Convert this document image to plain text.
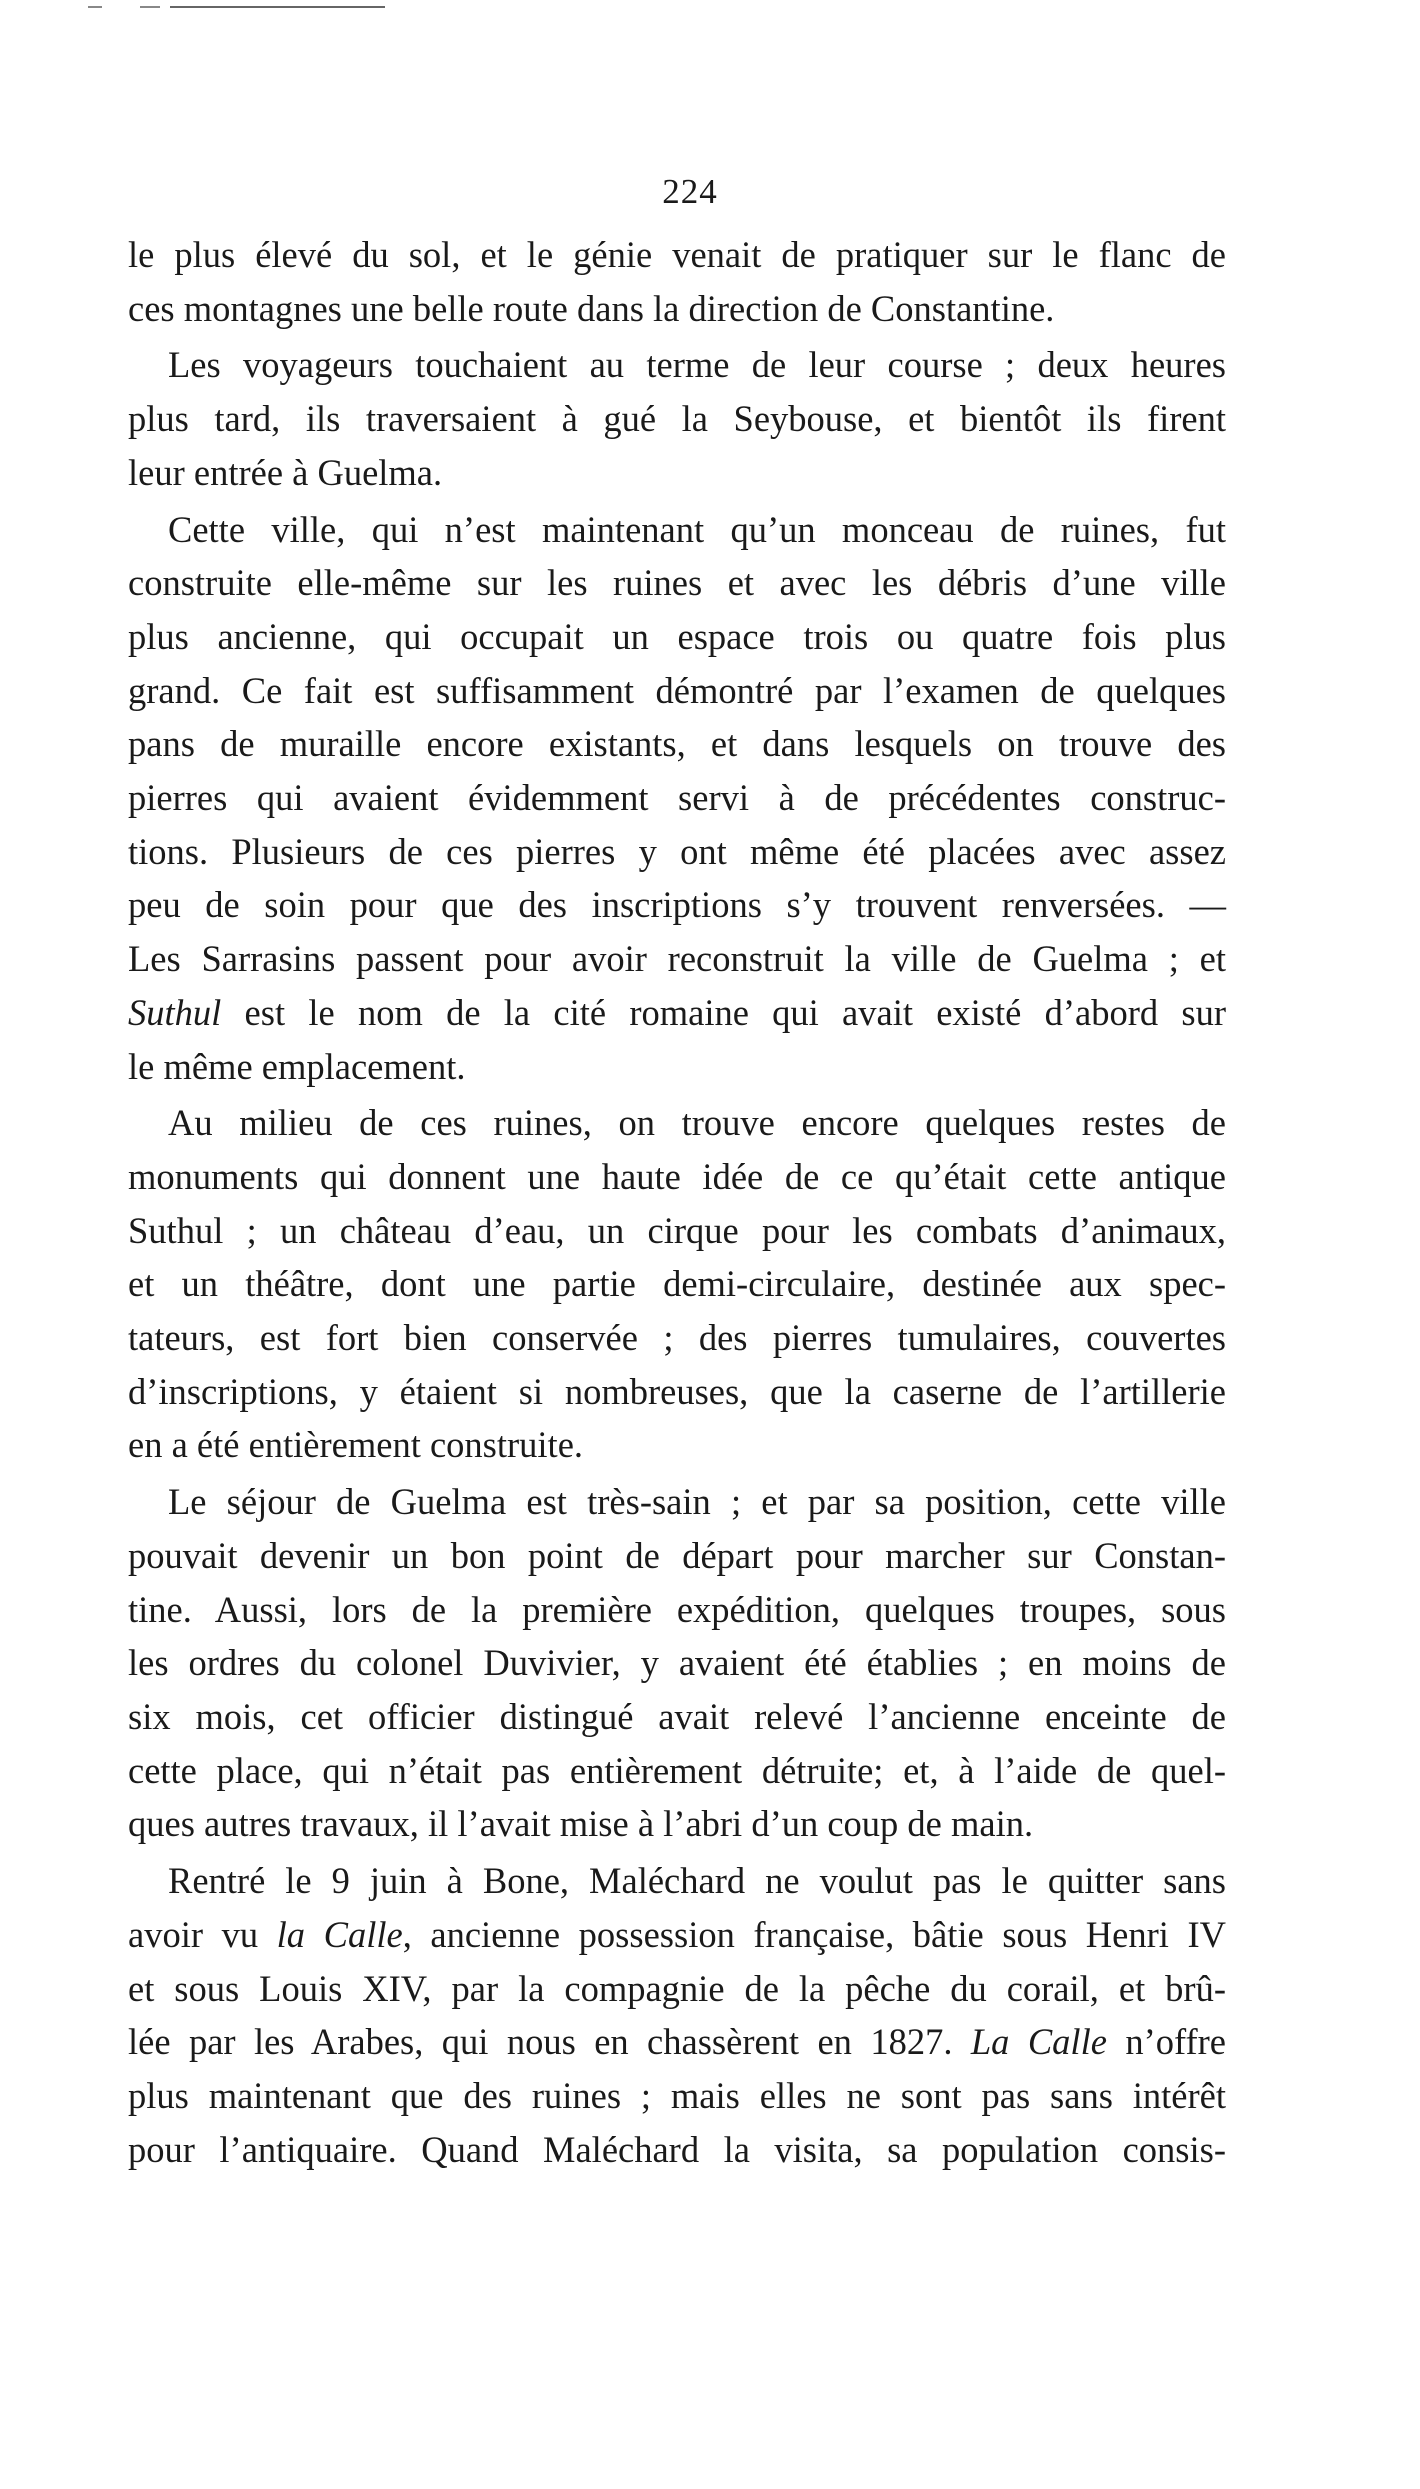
224

le plus élevé du sol, et le génie venait de pratiquer sur le flanc de
ces montagnes une belle route dans la direction de Constantine.

Les voyageurs touchaient au terme de leur course ; deux heures
plus tard, ils traversaient à gué la Seybouse, et bientôt ils firent
leur entrée à Guelma.

Cette ville, qui n’est maintenant qu’un monceau de ruines, fut
construite elle-même sur les ruines et avec les débris d’une ville
plus ancienne, qui occupait un espace trois ou quatre fois plus
grand. Ce fait est suffisamment démontré par l’examen de quelques
pans de muraille encore existants, et dans lesquels on trouve des
pierres qui avaient évidemment servi à de précédentes construc-
tions. Plusieurs de ces pierres y ont même été placées avec assez
peu de soin pour que des inscriptions s’y trouvent renversées. —
Les Sarrasins passent pour avoir reconstruit la ville de Guelma ; et
Suthul est le nom de la cité romaine qui avait existé d’abord sur
le même emplacement.

Au milieu de ces ruines, on trouve encore quelques restes de
monuments qui donnent une haute idée de ce qu’était cette antique
Suthul ; un château d’eau, un cirque pour les combats d’animaux,
et un théâtre, dont une partie demi-circulaire, destinée aux spec-
tateurs, est fort bien conservée ; des pierres tumulaires, couvertes
d’inscriptions, y étaient si nombreuses, que la caserne de l’artillerie
en a été entièrement construite.

Le séjour de Guelma est très-sain ; et par sa position, cette ville
pouvait devenir un bon point de départ pour marcher sur Constan-
tine. Aussi, lors de la première expédition, quelques troupes, sous
les ordres du colonel Duvivier, y avaient été établies ; en moins de
six mois, cet officier distingué avait relevé l’ancienne enceinte de
cette place, qui n’était pas entièrement détruite; et, à l’aide de quel-
ques autres travaux, il l’avait mise à l’abri d’un coup de main.

Rentré le 9 juin à Bone, Maléchard ne voulut pas le quitter sans
avoir vu la Calle, ancienne possession française, bâtie sous Henri IV
et sous Louis XIV, par la compagnie de la pêche du corail, et brû-
lée par les Arabes, qui nous en chassèrent en 1827. La Calle n’offre
plus maintenant que des ruines ; mais elles ne sont pas sans intérêt
pour l’antiquaire. Quand Maléchard la visita, sa population consis-
